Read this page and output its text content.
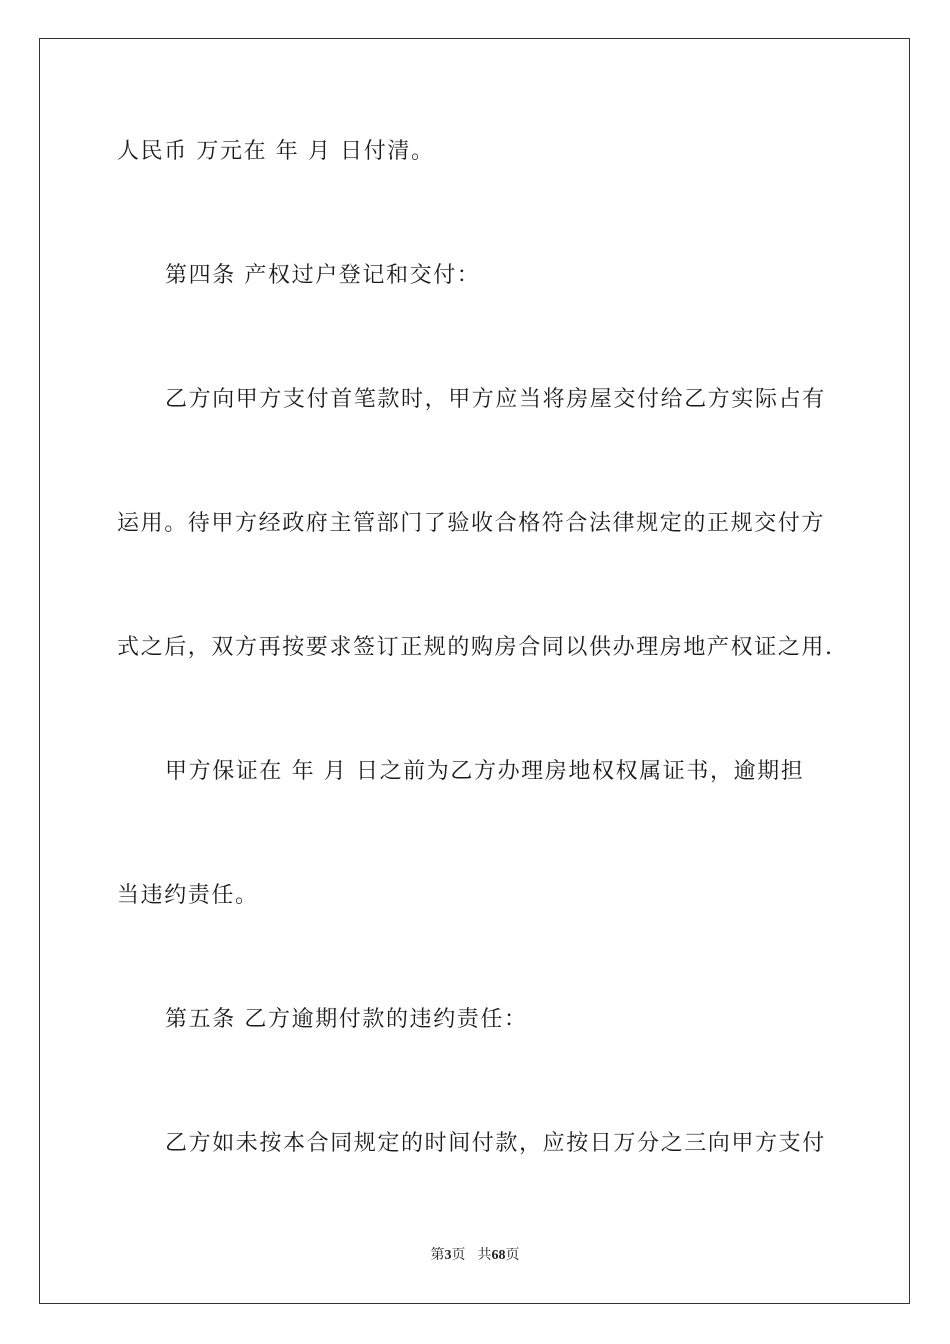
人民币 万元在 年 月 日付清。
第四条 产权过户登记和交付：
乙方向甲方支付首笔款时，甲方应当将房屋交付给乙方实际占有
运用。待甲方经政府主管部门了验收合格符合法律规定的正规交付方
式之后，双方再按要求签订正规的购房合同以供办理房地产权证之用.
甲方保证在 年 月 日之前为乙方办理房地权权属证书，逾期担
当违约责任。
第五条 乙方逾期付款的违约责任：
乙方如未按本合同规定的时间付款，应按日万分之三向甲方支付
第3页 共68页
